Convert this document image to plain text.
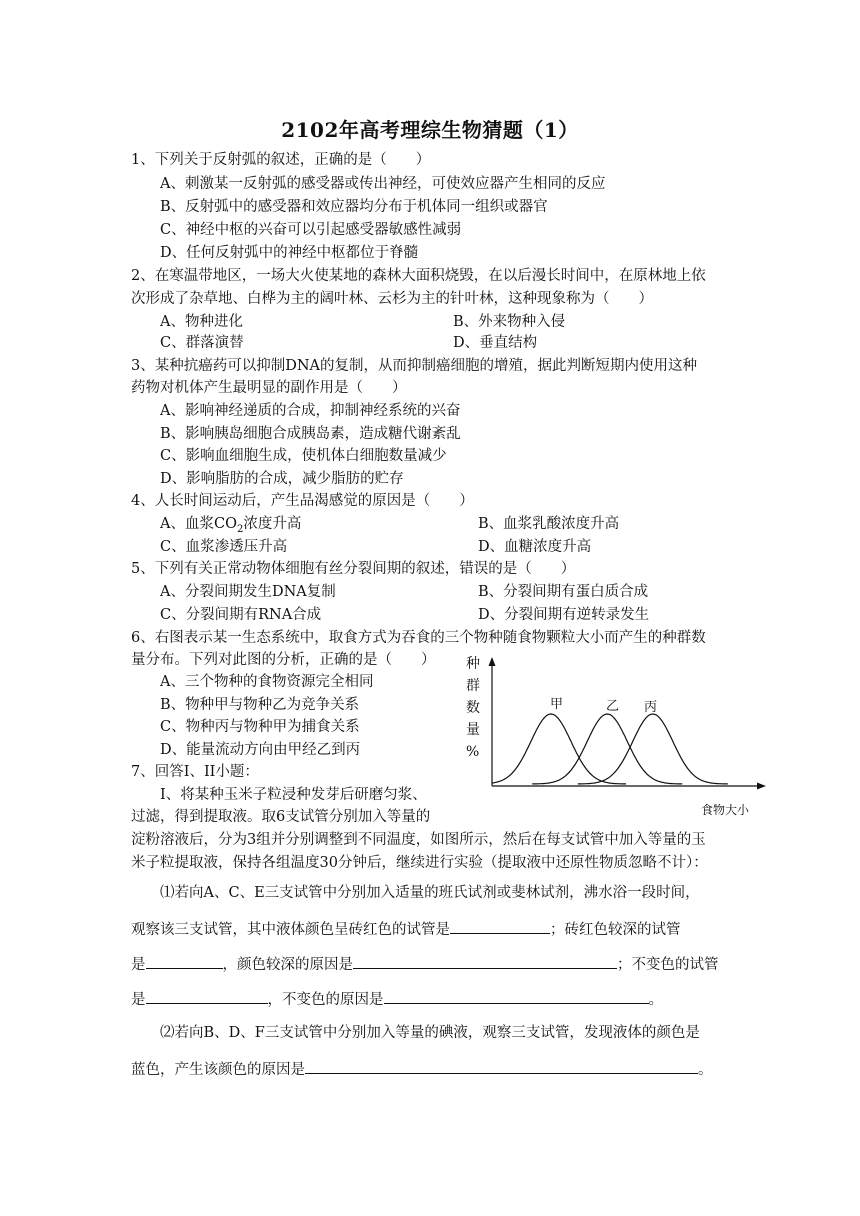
2102年高考理综生物猜题（1）
1、下列关于反射弧的叙述，正确的是（　　）
A、刺激某一反射弧的感受器或传出神经，可使效应器产生相同的反应
B、反射弧中的感受器和效应器均分布于机体同一组织或器官
C、神经中枢的兴奋可以引起感受器敏感性减弱
D、任何反射弧中的神经中枢都位于脊髓
2、在寒温带地区，一场大火使某地的森林大面积烧毁，在以后漫长时间中，在原林地上依
次形成了杂草地、白桦为主的阔叶林、云杉为主的针叶林，这种现象称为（　　）
A、物种进化	B、外来物种入侵
C、群落演替	D、垂直结构
3、某种抗癌药可以抑制DNA的复制，从而抑制癌细胞的增殖，据此判断短期内使用这种
药物对机体产生最明显的副作用是（　　）
A、影响神经递质的合成，抑制神经系统的兴奋
B、影响胰岛细胞合成胰岛素，造成糖代谢紊乱
C、影响血细胞生成，使机体白细胞数量减少
D、影响脂肪的合成，减少脂肪的贮存
4、人长时间运动后，产生品渴感觉的原因是（　　）
A、血浆$CO_2$浓度升高	B、血浆乳酸浓度升高
C、血浆渗透压升高	D、血糖浓度升高
5、下列有关正常动物体细胞有丝分裂间期的叙述，错误的是（　　）
A、分裂间期发生DNA复制	B、分裂间期有蛋白质合成
C、分裂间期有RNA合成	D、分裂间期有逆转录发生
6、右图表示某一生态系统中，取食方式为吞食的三个物种随食物颗粒大小而产生的种群数
量分布。下列对此图的分析，正确的是（　　）
A、三个物种的食物资源完全相同
B、物种甲与物种乙为竞争关系
C、物种丙与物种甲为捕食关系
D、能量流动方向由甲经乙到丙
种
群
数
量
%
甲	乙 丙
食物大小
7、回答I、II小题：
I、将某种玉米子粒浸种发芽后研磨匀浆、
过滤，得到提取液。取6支试管分别加入等量的
淀粉溶液后，分为3组并分别调整到不同温度，如图所示，然后在每支试管中加入等量的玉
米子粒提取液，保持各组温度30分钟后，继续进行实验（提取液中还原性物质忽略不计）：
⑴若向A、C、E三支试管中分别加入适量的班氏试剂或斐林试剂，沸水浴一段时间，
观察该三支试管，其中液体颜色呈砖红色的试管是	；砖红色较深的试管
是	，颜色较深的原因是	；不变色的试管
是	，不变色的原因是	。
⑵若向B、D、F三支试管中分别加入等量的碘液，观察三支试管，发现液体的颜色是
蓝色，产生该颜色的原因是	。
